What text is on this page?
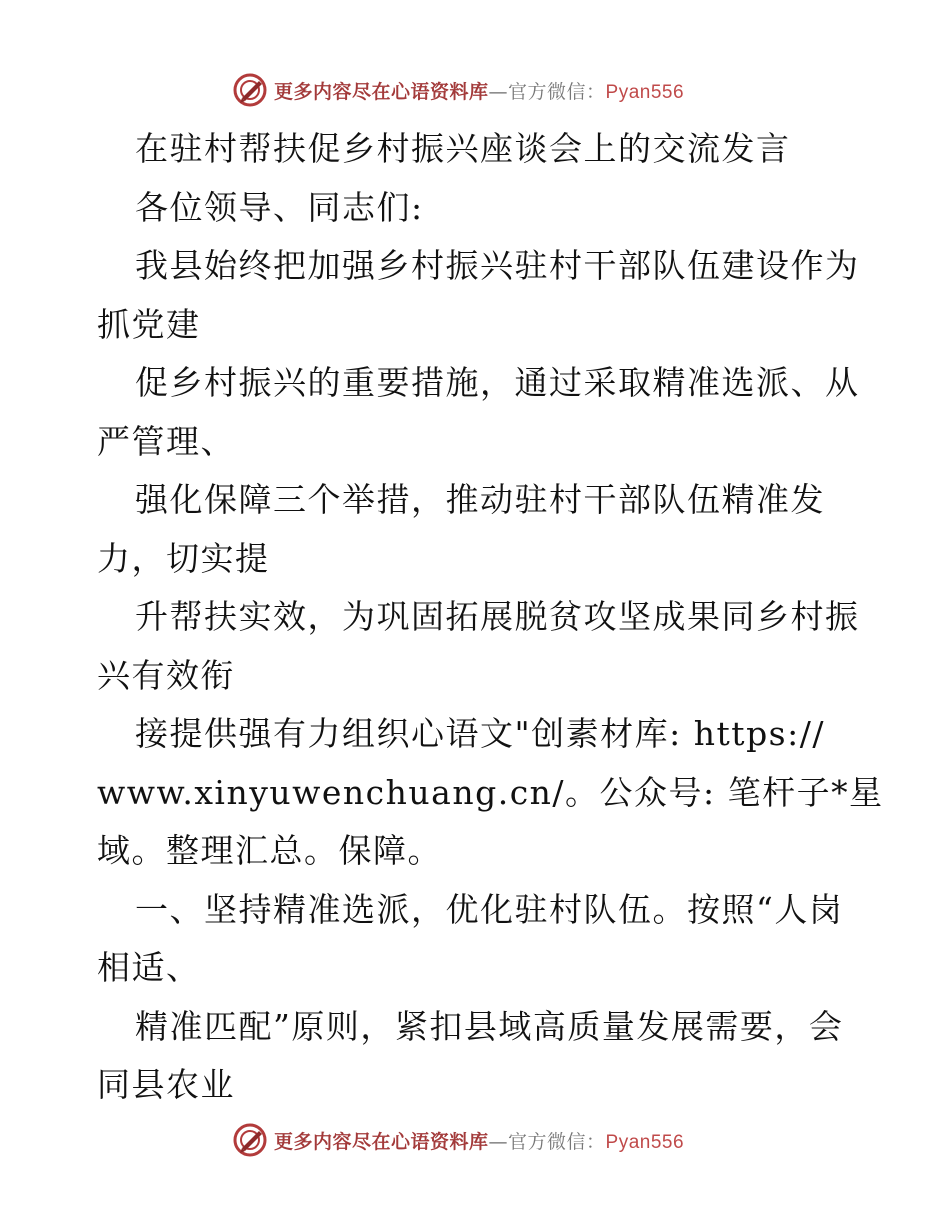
更多内容尽在心语资料库—官方微信：Pyan556
在驻村帮扶促乡村振兴座谈会上的交流发言
各位领导、同志们:
我县始终把加强乡村振兴驻村干部队伍建设作为
抓党建
促乡村振兴的重要措施，通过采取精准选派、从
严管理、
强化保障三个举措，推动驻村干部队伍精准发
力，切实提
升帮扶实效，为巩固拓展脱贫攻坚成果同乡村振
兴有效衔
接提供强有力组织心语文"创素材库: https://
www.xinyuwenchuang.cn/。公众号: 笔杆子*星
域。整理汇总。保障。
一、坚持精准选派，优化驻村队伍。按照“人岗
相适、
精准匹配”原则，紧扣县域高质量发展需要，会
同县农业
更多内容尽在心语资料库—官方微信：Pyan556
